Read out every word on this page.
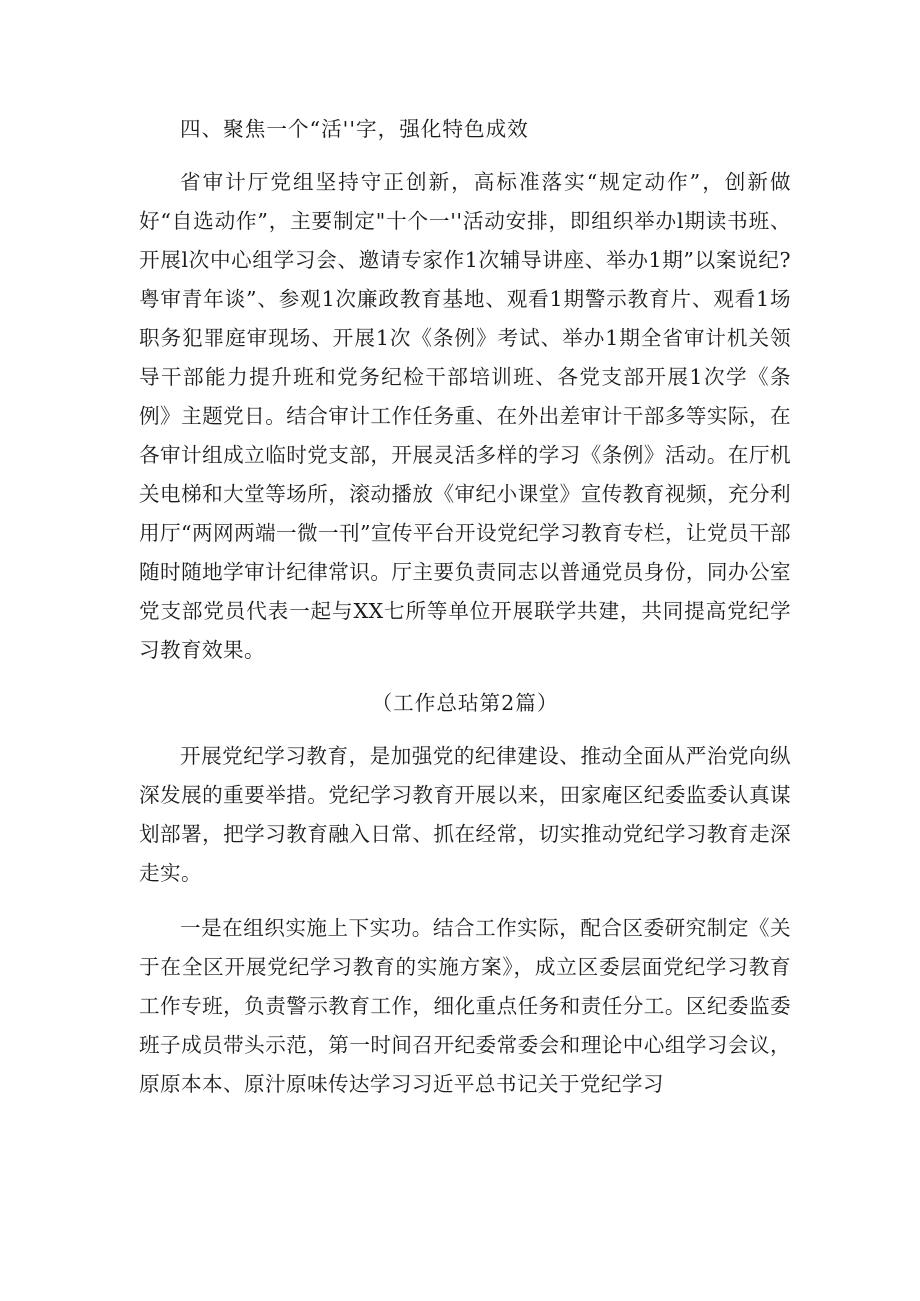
四、聚焦一个“活''字，强化特色成效

省审计厅党组坚持守正创新，高标准落实“规定动作”，创新做好“自选动作”，主要制定"十个一''活动安排，即组织举办l期读书班、开展l次中心组学习会、邀请专家作1次辅导讲座、举办1期”以案说纪?粤审青年谈”、参观1次廉政教育基地、观看1期警示教育片、观看1场职务犯罪庭审现场、开展1次《条例》考试、举办1期全省审计机关领导干部能力提升班和党务纪检干部培训班、各党支部开展1次学《条例》主题党日。结合审计工作任务重、在外出差审计干部多等实际，在各审计组成立临时党支部，开展灵活多样的学习《条例》活动。在厅机关电梯和大堂等场所，滚动播放《审纪小课堂》宣传教育视频，充分利用厅“两网两端一微一刊”宣传平台开设党纪学习教育专栏，让党员干部随时随地学审计纪律常识。厅主要负责同志以普通党员身份，同办公室党支部党员代表一起与XX七所等单位开展联学共建，共同提高党纪学习教育效果。

（工作总玷第2篇）

开展党纪学习教育，是加强党的纪律建设、推动全面从严治党向纵深发展的重要举措。党纪学习教育开展以来，田家庵区纪委监委认真谋划部署，把学习教育融入日常、抓在经常，切实推动党纪学习教育走深走实。

一是在组织实施上下实功。结合工作实际，配合区委研究制定《关于在全区开展党纪学习教育的实施方案》，成立区委层面党纪学习教育工作专班，负责警示教育工作，细化重点任务和责任分工。区纪委监委班子成员带头示范，第一时间召开纪委常委会和理论中心组学习会议，原原本本、原汁原味传达学习习近平总书记关于党纪学习
